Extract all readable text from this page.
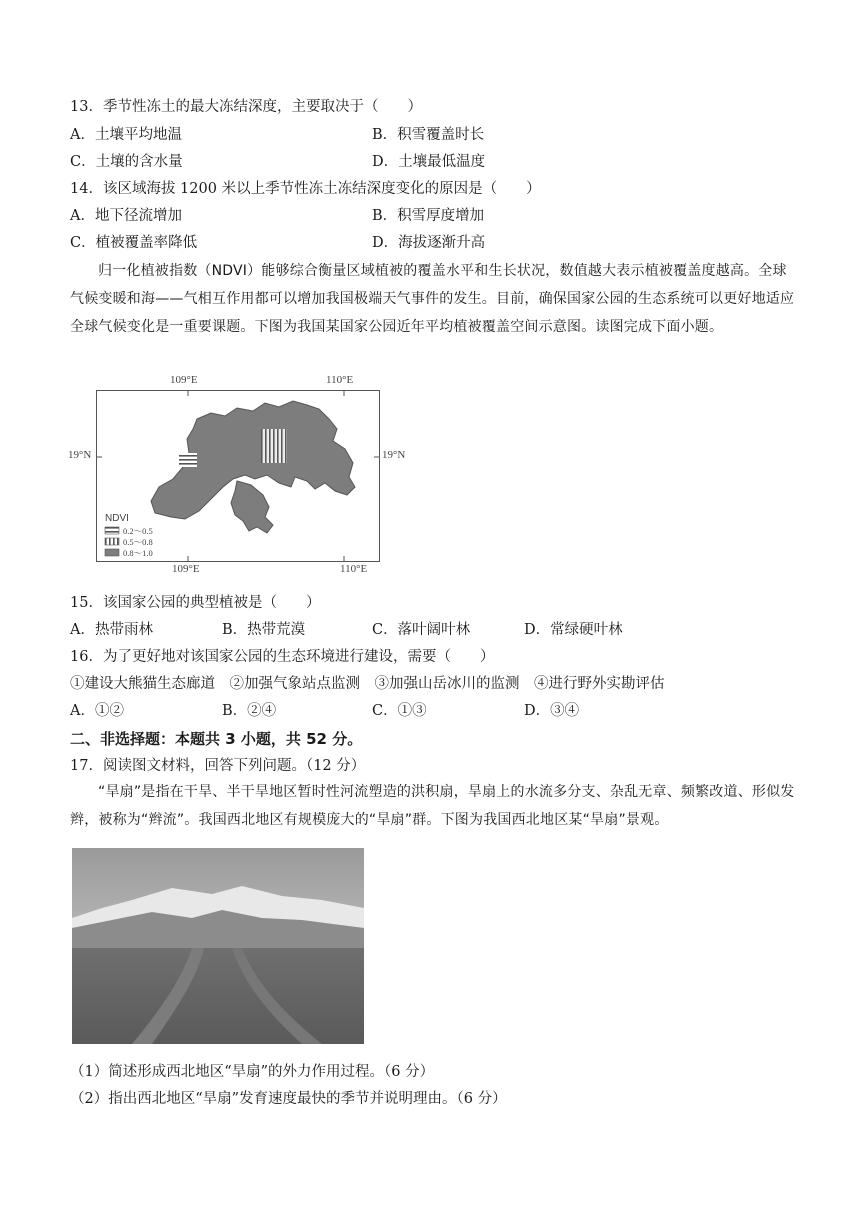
13．季节性冻土的最大冻结深度，主要取决于（　　）
A．土壤平均地温	B．积雪覆盖时长
C．土壤的含水量	D．土壤最低温度
14．该区域海拔 1200 米以上季节性冻土冻结深度变化的原因是（　　）
A．地下径流增加	B．积雪厚度增加
C．植被覆盖率降低	D．海拔逐渐升高
归一化植被指数（NDVI）能够综合衡量区域植被的覆盖水平和生长状况，数值越大表示植被覆盖度越高。全球气候变暖和海——气相互作用都可以增加我国极端天气事件的发生。目前，确保国家公园的生态系统可以更好地适应全球气候变化是一重要课题。下图为我国某国家公园近年平均植被覆盖空间示意图。读图完成下面小题。
109°E	110°E
19°N	19°N
109°E	110°E
NDVI
0.2～0.5
0.5～0.8
0.8～1.0
15．该国家公园的典型植被是（　　）
A．热带雨林	B．热带荒漠	C．落叶阔叶林	D．常绿硬叶林
16．为了更好地对该国家公园的生态环境进行建设，需要（　　）
①建设大熊猫生态廊道　②加强气象站点监测　③加强山岳冰川的监测　④进行野外实勘评估
A．①②	B．②④	C．①③	D．③④
二、非选择题：本题共 3 小题，共 52 分。
17．阅读图文材料，回答下列问题。（12 分）
“旱扇”是指在干旱、半干旱地区暂时性河流塑造的洪积扇，旱扇上的水流多分支、杂乱无章、频繁改道、形似发辫，被称为“辫流”。我国西北地区有规模庞大的“旱扇”群。下图为我国西北地区某“旱扇”景观。
（1）简述形成西北地区“旱扇”的外力作用过程。（6 分）
（2）指出西北地区“旱扇”发育速度最快的季节并说明理由。（6 分）
